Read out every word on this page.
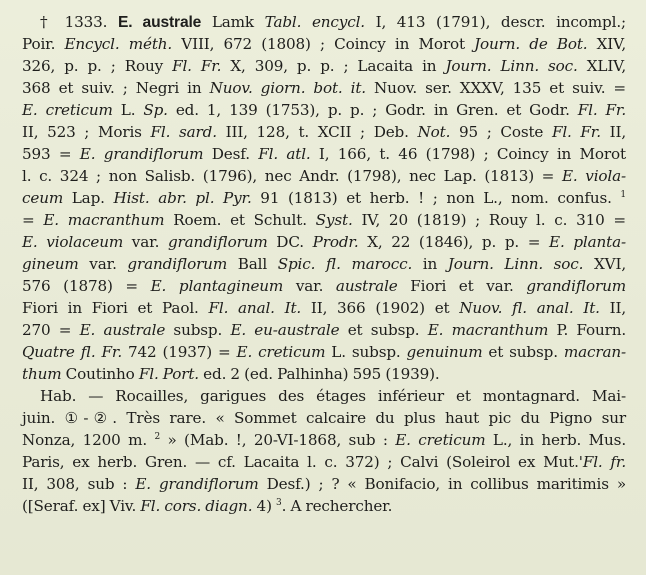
† 1333. E. australe Lamk Tabl. encycl. I, 413 (1791), descr. incompl.;
Poir. Encycl. méth. VIII, 672 (1808) ; Coincy in Morot Journ. de Bot. XIV,
326, p. p. ; Rouy Fl. Fr. X, 309, p. p. ; Lacaita in Journ. Linn. soc. XLIV,
368 et suiv. ; Negri in Nuov. giorn. bot. it. Nuov. ser. XXXV, 135 et suiv. =
E. creticum L. Sp. ed. 1, 139 (1753), p. p. ; Godr. in Gren. et Godr. Fl. Fr.
II, 523 ; Moris Fl. sard. III, 128, t. XCII ; Deb. Not. 95 ; Coste Fl. Fr. II,
593 = E. grandiflorum Desf. Fl. atl. I, 166, t. 46 (1798) ; Coincy in Morot
l. c. 324 ; non Salisb. (1796), nec Andr. (1798), nec Lap. (1813) = E. viola-
ceum Lap. Hist. abr. pl. Pyr. 91 (1813) et herb. ! ; non L., nom. confus. $^1$
= E. macranthum Roem. et Schult. Syst. IV, 20 (1819) ; Rouy l. c. 310 =
E. violaceum var. grandiflorum DC. Prodr. X, 22 (1846), p. p. = E. planta-
gineum var. grandiflorum Ball Spic. fl. marocc. in Journ. Linn. soc. XVI,
576 (1878) = E. plantagineum var. australe Fiori et var. grandiflorum
Fiori in Fiori et Paol. Fl. anal. It. II, 366 (1902) et Nuov. fl. anal. It. II,
270 = E. australe subsp. E. eu-australe et subsp. E. macranthum P. Fourn.
Quatre fl. Fr. 742 (1937) = E. creticum L. subsp. genuinum et subsp. macran-
thum Coutinho Fl. Port. ed. 2 (ed. Palhinha) 595 (1939).
Hab. — Rocailles, garigues des étages inférieur et montagnard. Mai-
juin. ①-②. Très rare. « Sommet calcaire du plus haut pic du Pigno sur
Nonza, 1200 m. $^2$ » (Mab. !, 20-VI-1868, sub : E. creticum L., in herb. Mus.
Paris, ex herb. Gren. — cf. Lacaita l. c. 372) ; Calvi (Soleirol ex Mut.'Fl. fr.
II, 308, sub : E. grandiflorum Desf.) ; ? « Bonifacio, in collibus maritimis »
([Seraf. ex] Viv. Fl. cors. diagn. 4) $^3$. A rechercher.
